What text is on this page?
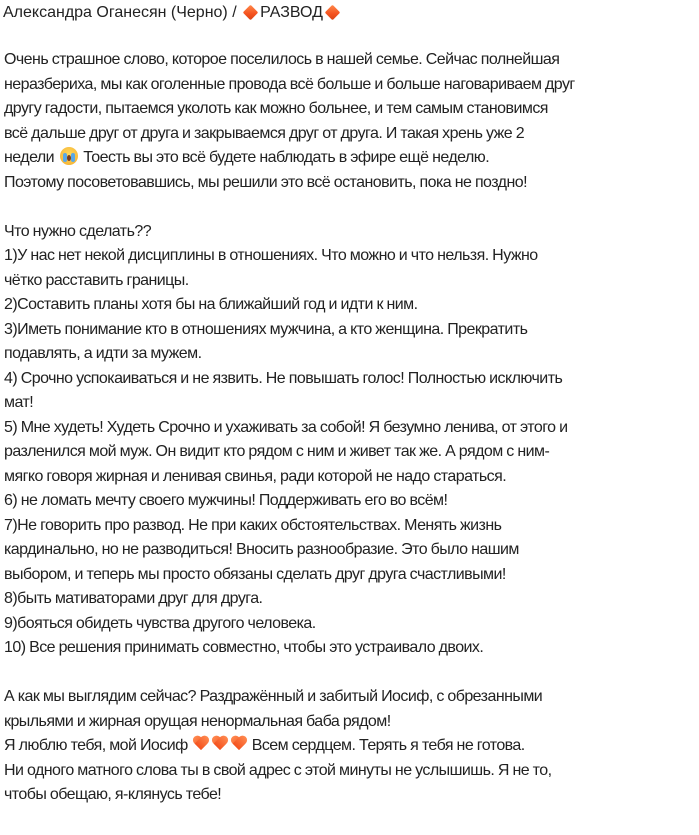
Александра Оганесян (Черно) / РАЗВОД
Очень страшное слово, которое поселилось в нашей семье. Сейчас полнейшая
неразбериха, мы как оголенные провода всё больше и больше наговариваем друг
другу гадости, пытаемся уколоть как можно больнее, и тем самым становимся
всё дальше друг от друга и закрываемся друг от друга. И такая хрень уже 2
недели Тоесть вы это всё будете наблюдать в эфире ещё неделю.
Поэтому посоветовавшись, мы решили это всё остановить, пока не поздно!
Что нужно сделать??
1)У нас нет некой дисциплины в отношениях. Что можно и что нельзя. Нужно
чётко расставить границы.
2)Составить планы хотя бы на ближайший год и идти к ним.
3)Иметь понимание кто в отношениях мужчина, а кто женщина. Прекратить
подавлять, а идти за мужем.
4) Срочно успокаиваться и не язвить. Не повышать голос! Полностью исключить
мат!
5) Мне худеть! Худеть Срочно и ухаживать за собой! Я безумно ленива, от этого и
разленился мой муж. Он видит кто рядом с ним и живет так же. А рядом с ним-
мягко говоря жирная и ленивая свинья, ради которой не надо стараться.
6) не ломать мечту своего мужчины! Поддерживать его во всём!
7)Не говорить про развод. Не при каких обстоятельствах. Менять жизнь
кардинально, но не разводиться! Вносить разнообразие. Это было нашим
выбором, и теперь мы просто обязаны сделать друг друга счастливыми!
8)быть мативаторами друг для друга.
9)бояться обидеть чувства другого человека.
10) Все решения принимать совместно, чтобы это устраивало двоих.
А как мы выглядим сейчас? Раздражённый и забитый Иосиф, с обрезанными
крыльями и жирная орущая ненормальная баба рядом!
Я люблю тебя, мой Иосиф	Всем сердцем. Терять я тебя не готова.
Ни одного матного слова ты в свой адрес с этой минуты не услышишь. Я не то,
чтобы обещаю, я-клянусь тебе!
